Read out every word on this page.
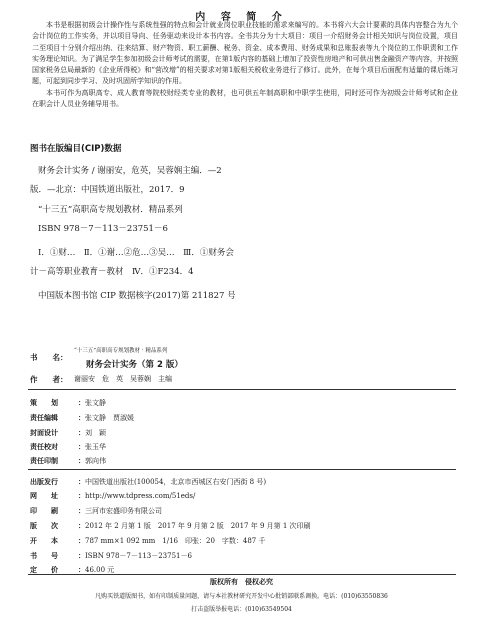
内 容 简 介

本书是根据初级会计操作性与系统性强的特点和会计就业岗位职业技能的需求来编写的。本书将六大会计要素的具体内容整合为九个会计岗位的工作实务，并以项目导向、任务驱动来设计本书内容。全书共分为十大项目：项目一介绍财务会计相关知识与岗位设置，项目二至项目十分别介绍出纳、往来结算、财产物资、职工薪酬、税务、资金、成本费用、财务成果和总账报表等九个岗位的工作职责和工作实务理论知识。为了满足学生参加初级会计师考试的需要，在第1版内容的基础上增加了投资性房地产和可供出售金融资产等内容，并按照国家税务总局最新的《企业所得税》和“营改增”的相关要求对第1版相关税收业务进行了修订。此外，在每个项目后面配有适量的课后练习题，可起到同步学习、及时巩固所学知识的作用。

本书可作为高职高专、成人教育等院校财经类专业的教材，也可供五年制高职和中职学生使用，同时还可作为初级会计师考试和企业在职会计人员业务辅导用书。

图书在版编目(CIP)数据
财务会计实务 / 谢丽安，危英，吴蓉娴主编．—2
版．—北京：中国铁道出版社，2017．9
“十三五”高职高专规划教材．精品系列
ISBN 978－7－113－23751－6
Ⅰ．①财…　Ⅱ．①谢…②危…③吴…　Ⅲ．①财务会
计－高等职业教育－教材　Ⅳ．①F234．4
中国版本图书馆 CIP 数据核字(2017)第 211827 号
书　　名：
“十三五”高职高专规划教材 · 精品系列
财务会计实务（第 2 版）
作　　者： 谢丽安　危　英　吴蓉娴　主编
策　　划	：张文静
责任编辑	：张文静　贾淑媛
封面设计	：刘　颖
责任校对	：张玉华
责任印制	：郭向伟
出版发行	：中国铁道出版社(100054，北京市西城区右安门西街 8 号)
网　　址	：http://www.tdpress.com/51eds/
印　　刷	：三河市宏盛印务有限公司
版　　次	：2012 年 2 月第 1 版　2017 年 9 月第 2 版　2017 年 9 月第 1 次印刷
开　　本	：787 mm×1 092 mm　1/16　印张：20　字数：487 千
书　　号	：ISBN 978－7－113－23751－6
定　　价	：46.00 元
版权所有　侵权必究
凡购买铁道版图书，如有印制质量问题，请与本社教材研究开发中心批销部联系调换。电话：(010)63550836
打击盗版举报电话：(010)63549504
